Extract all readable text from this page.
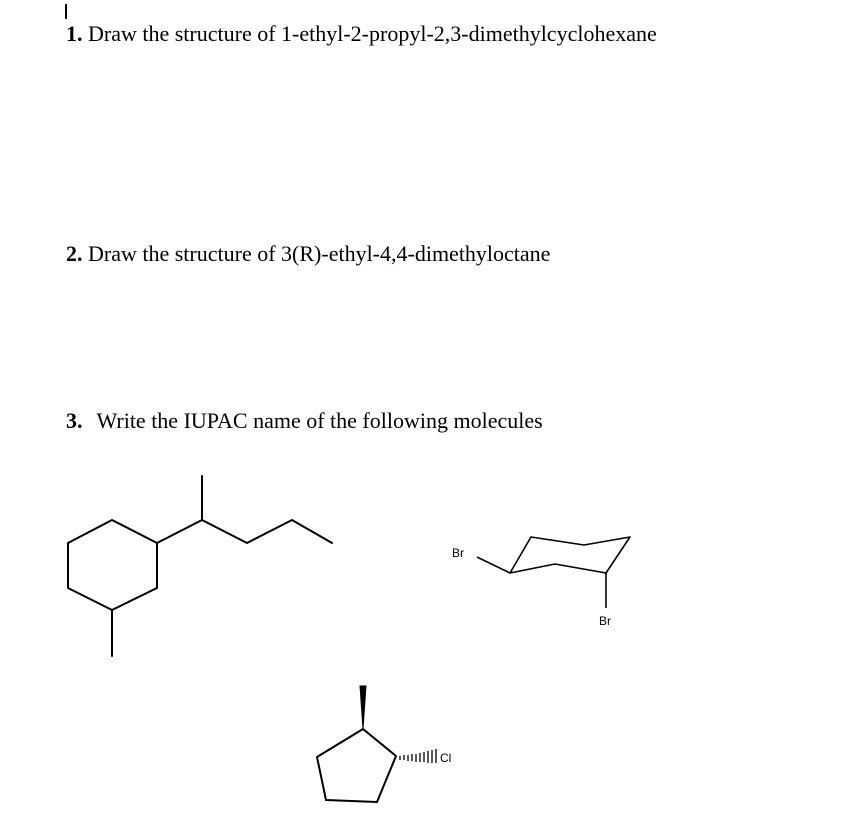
1. Draw the structure of 1-ethyl-2-propyl-2,3-dimethylcyclohexane
2. Draw the structure of 3(R)-ethyl-4,4-dimethyloctane
3. Write the IUPAC name of the following molecules
Br
Br
Cl
